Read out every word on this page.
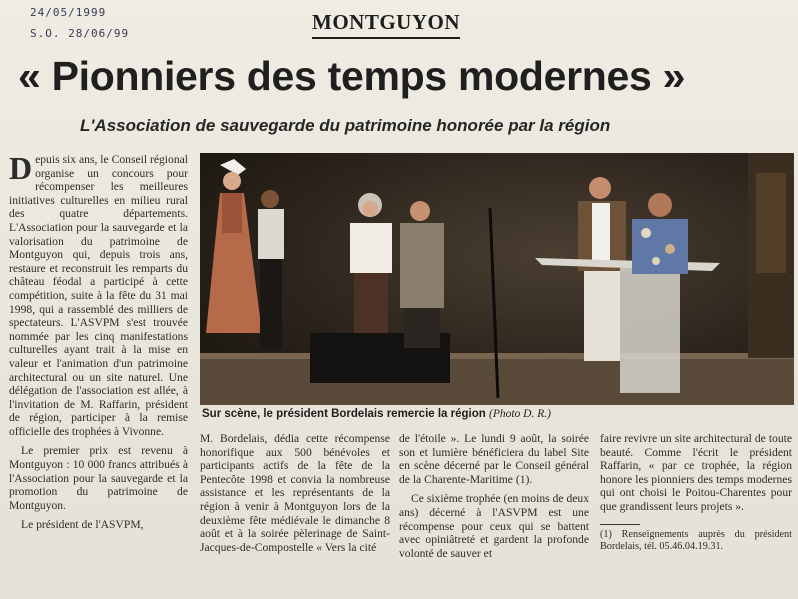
24/05/1999
S.O. 28/06/99	MONTGUYON
« Pionniers des temps modernes »
L'Association de sauvegarde du patrimoine honorée par la région

Depuis six ans, le Conseil régional organise un concours pour récompenser les meilleures initiatives culturelles en milieu rural des quatre départements. L'Association pour la sauvegarde et la valorisation du patrimoine de Montguyon qui, depuis trois ans, restaure et reconstruit les remparts du château féodal a participé à cette compétition, suite à la fête du 31 mai 1998, qui a rassemblé des milliers de spectateurs. L'ASVPM s'est trouvée nommée par les cinq manifestations culturelles ayant trait à la mise en valeur et l'animation d'un patrimoine architectural ou un site naturel. Une délégation de l'association est allée, à l'invitation de M. Raffarin, président de région, participer à la remise officielle des trophées à Vivonne.

Le premier prix est revenu à Montguyon : 10 000 francs attribués à l'Association pour la sauvegarde et la promotion du patrimoine de Montguyon.

Le président de l'ASVPM,

Sur scène, le président Bordelais remercie la région (Photo D. R.)

M. Bordelais, dédia cette récompense honorifique aux 500 bénévoles et participants actifs de la fête de la Pentecôte 1998 et convia la nombreuse assistance et les représentants de la région à venir à Montguyon lors de la deuxième fête médiévale le dimanche 8 août et à la soirée pèlerinage de Saint-Jacques-de-Compostelle « Vers la cité

de l'étoile ». Le lundi 9 août, la soirée son et lumière bénéficiera du label Site en scène décerné par le Conseil général de la Charente-Maritime (1).

Ce sixième trophée (en moins de deux ans) décerné à l'ASVPM est une récompense pour ceux qui se battent avec opiniâtreté et gardent la profonde volonté de sauver et

faire revivre un site architectural de toute beauté. Comme l'écrit le président Raffarin, « par ce trophée, la région honore les pionniers des temps modernes qui ont choisi le Poitou-Charentes pour que grandissent leurs projets ».

(1) Renseignements auprès du président Bordelais, tél. 05.46.04.19.31.
